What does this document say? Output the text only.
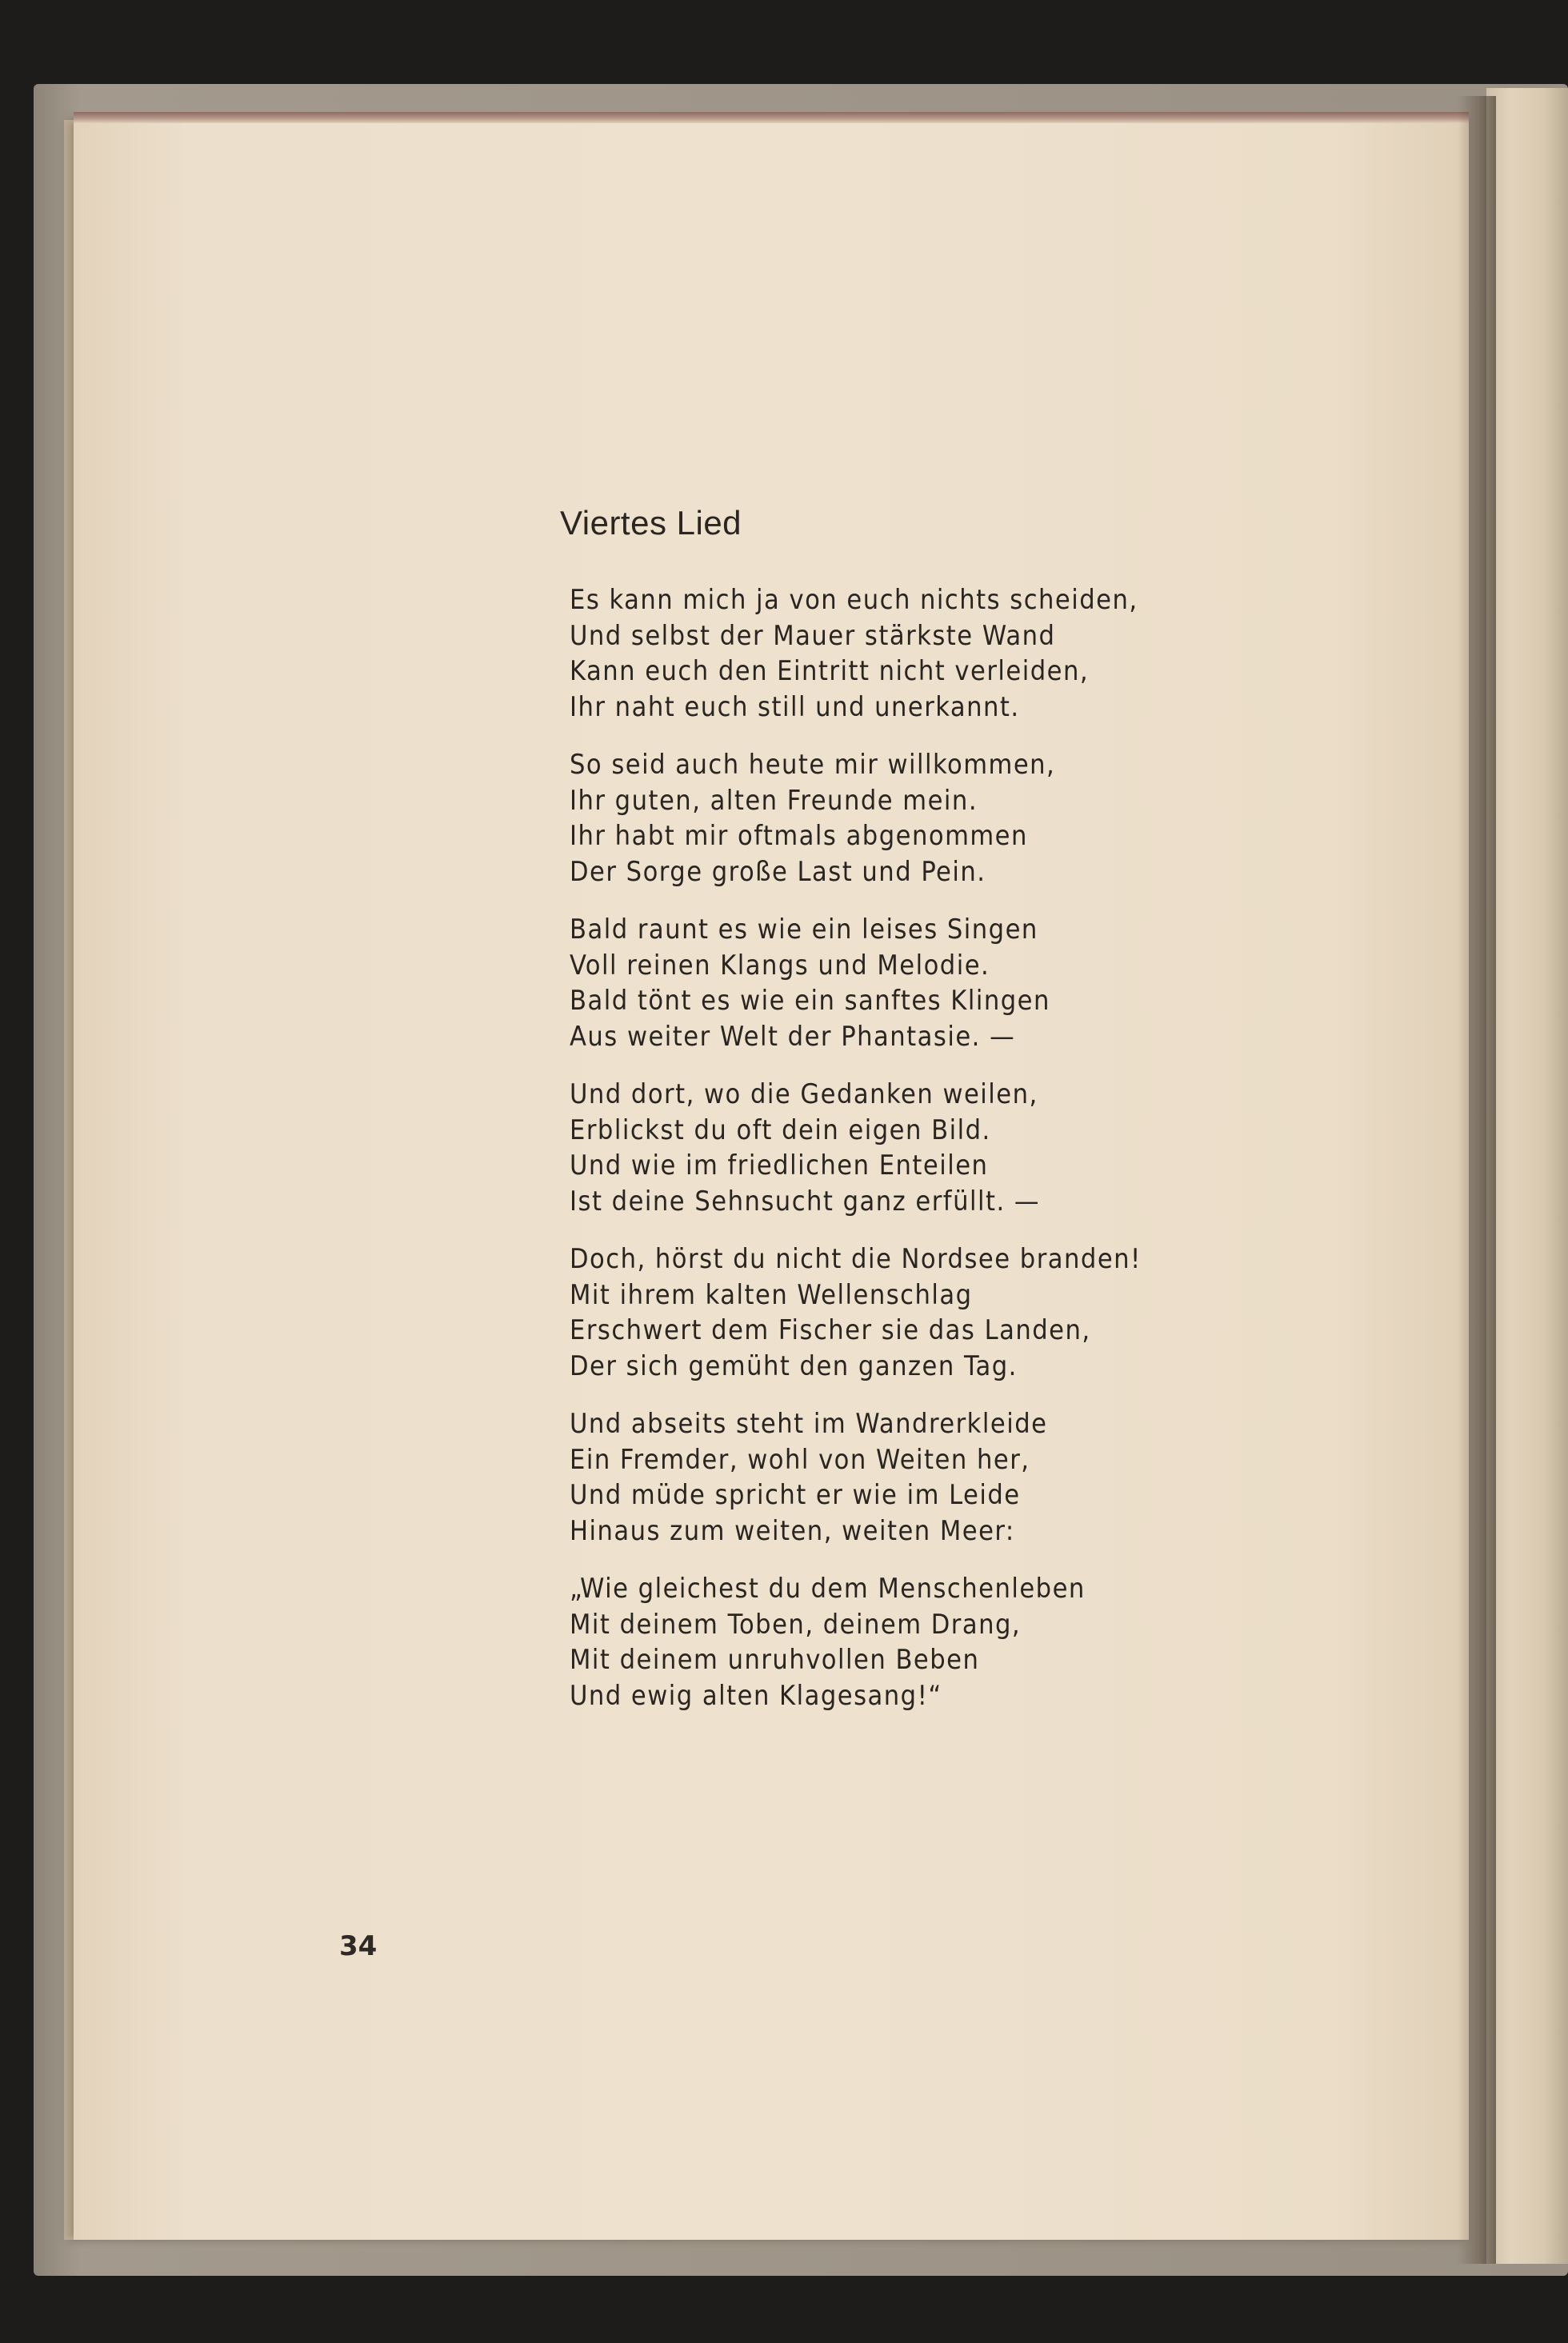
Viertes Lied
Es kann mich ja von euch nichts scheiden,
Und selbst der Mauer stärkste Wand
Kann euch den Eintritt nicht verleiden,
Ihr naht euch still und unerkannt.
So seid auch heute mir willkommen,
Ihr guten, alten Freunde mein.
Ihr habt mir oftmals abgenommen
Der Sorge große Last und Pein.
Bald raunt es wie ein leises Singen
Voll reinen Klangs und Melodie.
Bald tönt es wie ein sanftes Klingen
Aus weiter Welt der Phantasie. —
Und dort, wo die Gedanken weilen,
Erblickst du oft dein eigen Bild.
Und wie im friedlichen Enteilen
Ist deine Sehnsucht ganz erfüllt. —
Doch, hörst du nicht die Nordsee branden!
Mit ihrem kalten Wellenschlag
Erschwert dem Fischer sie das Landen,
Der sich gemüht den ganzen Tag.
Und abseits steht im Wandrerkleide
Ein Fremder, wohl von Weiten her,
Und müde spricht er wie im Leide
Hinaus zum weiten, weiten Meer:
„Wie gleichest du dem Menschenleben
Mit deinem Toben, deinem Drang,
Mit deinem unruhvollen Beben
Und ewig alten Klagesang!“
34
